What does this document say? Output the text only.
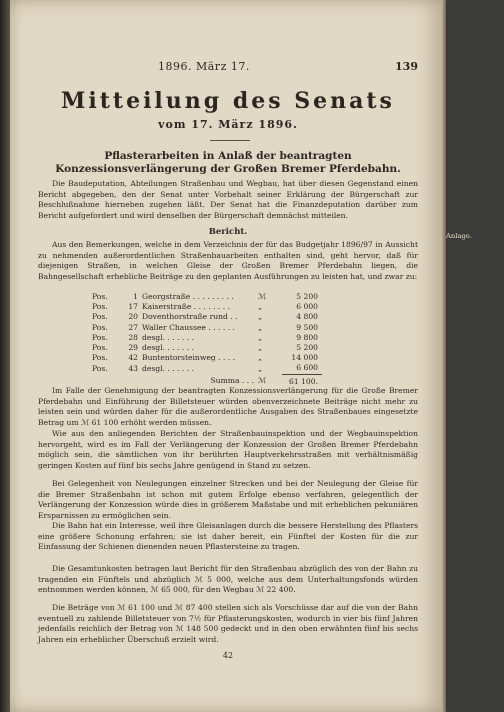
1896. März 17.	139
Mitteilung des Senats
vom 17. März 1896.
Pflasterarbeiten in Anlaß der beantragten Konzessionsverlängerung der Großen Bremer Pferdebahn.
Die Baudeputation, Abteilungen Straßenbau und Wegbau, hat über diesen Gegenstand einen Bericht abgegeben, den der Senat unter Vorbehalt seiner Erklärung der Bürgerschaft zur Beschlußnahme hierneben zugehen läßt. Der Senat hat die Finanzdeputation darüber zum Bericht aufgefordert und wird denselben der Bürgerschaft demnächst mitteilen.
Bericht.	Anlage.
Aus den Bemerkungen, welche in dem Verzeichnis der für das Budgetjahr 1896/97 in Aussicht zu nehmenden außerordentlichen Straßenbauarbeiten enthalten sind, geht hervor, daß für diejenigen Straßen, in welchen Gleise der Großen Bremer Pferdebahn liegen, die Bahngesellschaft erhebliche Beiträge zu den geplanten Ausführungen zu leisten hat, und zwar zu:
Pos.	1	Georgstraße . . . . . . . . .	ℳ	5 200
Pos.	17	Kaiserstraße . . . . . . . .	„	6 000
Pos.	20	Doventhorstraße rund . .	„	4 800
Pos.	27	Waller Chaussee . . . . . .	„	9 500
Pos.	28	desgl. . . . . . .	„	9 800
Pos.	29	desgl. . . . . . .	„	5 200
Pos.	42	Buntentorsteinweg . . . .	„	14 000
Pos.	43	desgl. . . . . . .	„	6 600
		Summa . . .	ℳ	61 100.
Im Falle der Genehmigung der beantragten Konzessionsverlängerung für die Große Bremer Pferdebahn und Einführung der Billetsteuer würden obenverzeichnete Beiträge nicht mehr zu leisten sein und würden daher für die außerordentliche Ausgaben des Straßenbaues eingesetzte Betrag um ℳ 61 100 erhöht werden müssen.
Wie aus den anliegenden Berichten der Straßenbauinspektion und der Wegbauinspektion hervorgeht, wird es im Fall der Verlängerung der Konzession der Großen Bremer Pferdebahn möglich sein, die sämtlichen von ihr berührten Hauptverkehrsstraßen mit verhältnismäßig geringen Kosten auf fünf bis sechs Jahre genügend in Stand zu setzen.
Bei Gelegenheit von Neulegungen einzelner Strecken und bei der Neulegung der Gleise für die Bremer Straßenbahn ist schon mit gutem Erfolge ebenso verfahren, gelegentlich der Verlängerung der Konzession würde dies in größerem Maßstabe und mit erheblichen pekuniären Ersparnissen zu ermöglichen sein.
Die Bahn hat ein Interesse, weil ihre Gleisanlagen durch die bessere Herstellung des Pflasters eine größere Schonung erfahren; sie ist daher bereit, ein Fünftel der Kosten für die zur Einfassung der Schienen dienenden neuen Pflastersteine zu tragen.
Die Gesamtunkosten betragen laut Bericht für den Straßenbau abzüglich des von der Bahn zu tragenden ein Fünftels und abzüglich ℳ 5 000, welche aus dem Unterhaltungsfonds würden entnommen werden können, ℳ 65 000, für den Wegbau ℳ 22 400.
Die Beträge von ℳ 61 100 und ℳ 87 400 stellen sich als Vorschüsse dar auf die von der Bahn eventuell zu zahlende Billetsteuer von 7½ für Pflasterungskosten, wodurch in vier bis fünf Jahren jedenfalls reichlich der Betrag von ℳ 148 500 gedeckt und in den oben erwähnten fünf bis sechs Jahren ein erheblicher Überschuß erzielt wird.
42
